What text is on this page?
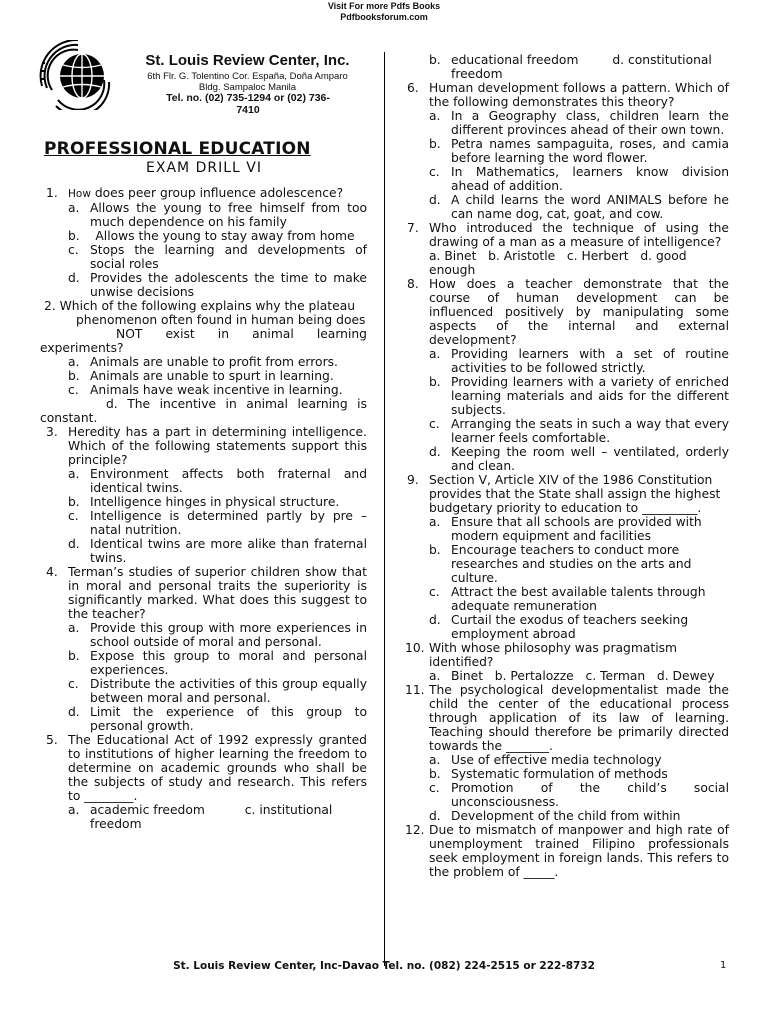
Visit For more Pdfs Books
Pdfbooksforum.com
St. Louis Review Center, Inc.
6th Flr. G. Tolentino Cor. España, Doña Amparo
Bldg. Sampaloc Manila
Tel. no. (02) 735-1294 or (02) 736-
7410
PROFESSIONAL EDUCATION
EXAM DRILL VI
1. How does peer group influence adolescence?
a. Allows the young to free himself from too much dependence on his family
b. Allows the young to stay away from home
c. Stops the learning and developments of social roles
d. Provides the adolescents the time to make unwise decisions
2. Which of the following explains why the plateau
phenomenon often found in human being does
NOT exist in animal learning experiments?
a. Animals are unable to profit from errors.
b. Animals are unable to spurt in learning.
c. Animals have weak incentive in learning.
d. The incentive in animal learning is constant.
3. Heredity has a part in determining intelligence. Which of the following statements support this principle?
a. Environment affects both fraternal and identical twins.
b. Intelligence hinges in physical structure.
c. Intelligence is determined partly by pre – natal nutrition.
d. Identical twins are more alike than fraternal twins.
4. Terman’s studies of superior children show that in moral and personal traits the superiority is significantly marked. What does this suggest to the teacher?
a. Provide this group with more experiences in school outside of moral and personal.
b. Expose this group to moral and personal experiences.
c. Distribute the activities of this group equally between moral and personal.
d. Limit the experience of this group to personal growth.
5. The Educational Act of 1992 expressly granted to institutions of higher learning the freedom to determine on academic grounds who shall be the subjects of study and research. This refers to ________.
a. academic freedom	c. institutional freedom
b. educational freedom	d. constitutional freedom
6. Human development follows a pattern. Which of the following demonstrates this theory?
a. In a Geography class, children learn the different provinces ahead of their own town.
b. Petra names sampaguita, roses, and camia before learning the word flower.
c. In Mathematics, learners know division ahead of addition.
d. A child learns the word ANIMALS before he can name dog, cat, goat, and cow.
7. Who introduced the technique of using the drawing of a man as a measure of intelligence?
a. Binet   b. Aristotle   c. Herbert   d. good
enough
8. How does a teacher demonstrate that the course of human development can be influenced positively by manipulating some aspects of the internal and external development?
a. Providing learners with a set of routine activities to be followed strictly.
b. Providing learners with a variety of enriched learning materials and aids for the different subjects.
c. Arranging the seats in such a way that every learner feels comfortable.
d. Keeping the room well – ventilated, orderly and clean.
9. Section V, Article XIV of the 1986 Constitution provides that the State shall assign the highest budgetary priority to education to _________.
a. Ensure that all schools are provided with modern equipment and facilities
b. Encourage teachers to conduct more researches and studies on the arts and culture.
c. Attract the best available talents through adequate remuneration
d. Curtail the exodus of teachers seeking employment abroad
10. With whose philosophy was pragmatism identified?
a. Binet   b. Pertalozze   c. Terman   d. Dewey
11. The psychological developmentalist made the child the center of the educational process through application of its law of learning. Teaching should therefore be primarily directed towards the _______.
a. Use of effective media technology
b. Systematic formulation of methods
c. Promotion of the child’s social unconsciousness.
d. Development of the child from within
12. Due to mismatch of manpower and high rate of unemployment trained Filipino professionals seek employment in foreign lands. This refers to the problem of _____.
St. Louis Review Center, Inc-Davao Tel. no. (082) 224-2515 or 222-8732	1
